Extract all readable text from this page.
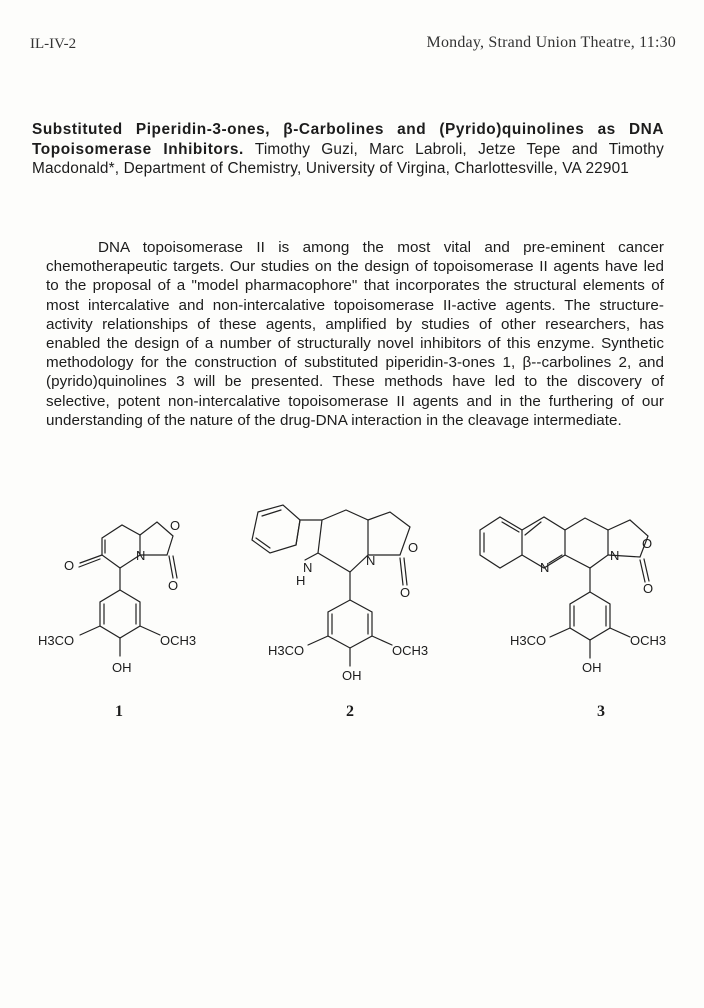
IL-IV-2	Monday, Strand Union Theatre, 11:30
Substituted Piperidin-3-ones, β-Carbolines and (Pyrido)quinolines as DNA Topoisomerase Inhibitors. Timothy Guzi, Marc Labroli, Jetze Tepe and Timothy Macdonald*, Department of Chemistry, University of Virgina, Charlottesville, VA 22901

DNA topoisomerase II is among the most vital and pre-eminent cancer chemotherapeutic targets. Our studies on the design of topoisomerase II agents have led to the proposal of a "model pharmacophore" that incorporates the structural elements of most intercalative and non-intercalative topoisomerase II-active agents. The structure-activity relationships of these agents, amplified by studies of other researchers, has enabled the design of a number of structurally novel inhibitors of this enzyme. Synthetic methodology for the construction of substituted piperidin-3-ones 1, β--carbolines 2, and (pyrido)quinolines 3 will be presented. These methods have led to the discovery of selective, potent non-intercalative topoisomerase II agents and in the furthering of our understanding of the nature of the drug-DNA interaction in the cleavage intermediate.

O
N
O
O
H3CO	OCH3
OH
O
N
N
H
O
H3CO	OCH3
OH
O
N
N
O
H3CO	OCH3
OH
1	2	3
